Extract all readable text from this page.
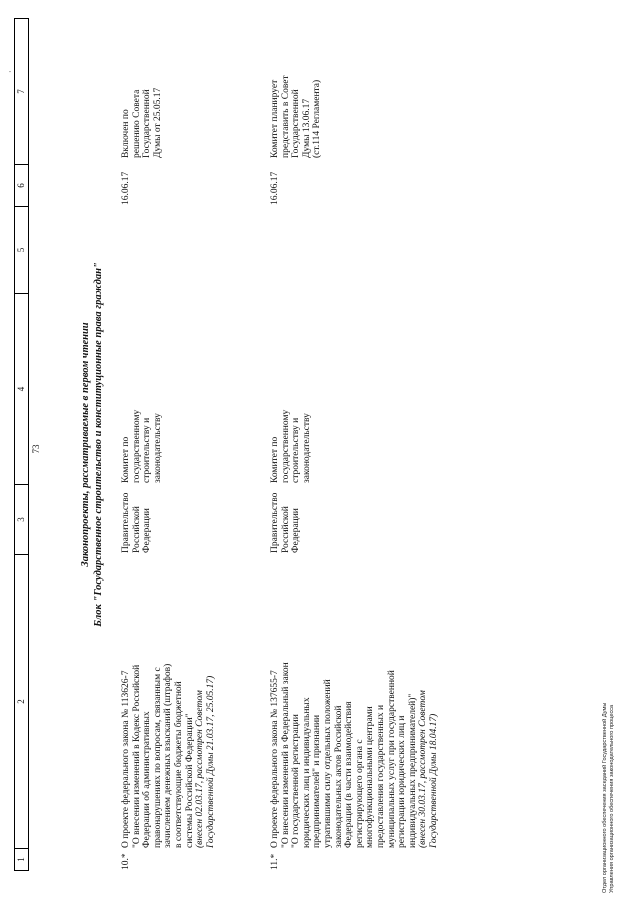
·
73
1
2
3
4
5
6
7
Законопроекты, рассматриваемые в первом чтении Блок "Государственное строительство и конституционные права граждан"
10.*
О проекте федерального закона № 113626-7 "О внесении изменений в Кодекс Российской Федерации об административных правонарушениях по вопросам, связанным с зачислением денежных взысканий (штрафов) в соответствующие бюджеты бюджетной системы Российской Федерации" (внесен 02.03.17, рассмотрен Советом Государственной Думы 21.03.17, 25.05.17)
Правительство Российской Федерации
Комитет по государственному строительству и законодательству
16.06.17
Включен по решению Совета Государственной Думы от 25.05.17
11.*
О проекте федерального закона № 137655-7 "О внесении изменений в Федеральный закон "О государственной регистрации юридических лиц и индивидуальных предпринимателей" и признании утратившими силу отдельных положений законодательных актов Российской Федерации (в части взаимодействия регистрирующего органа с многофункциональными центрами предоставления государственных и муниципальных услуг при государственной регистрации юридических лиц и индивидуальных предпринимателей)" (внесен 30.03.17, рассмотрен Советом Государственной Думы 18.04.17)
Правительство Российской Федерации
Комитет по государственному строительству и законодательству
16.06.17
Комитет планирует представить в Совет Государственной Думы 13.06.17 (ст.114 Регламента)
Отдел организационного обеспечения заседаний Государственной Думы Управления организационного обеспечения законодательного процесса
